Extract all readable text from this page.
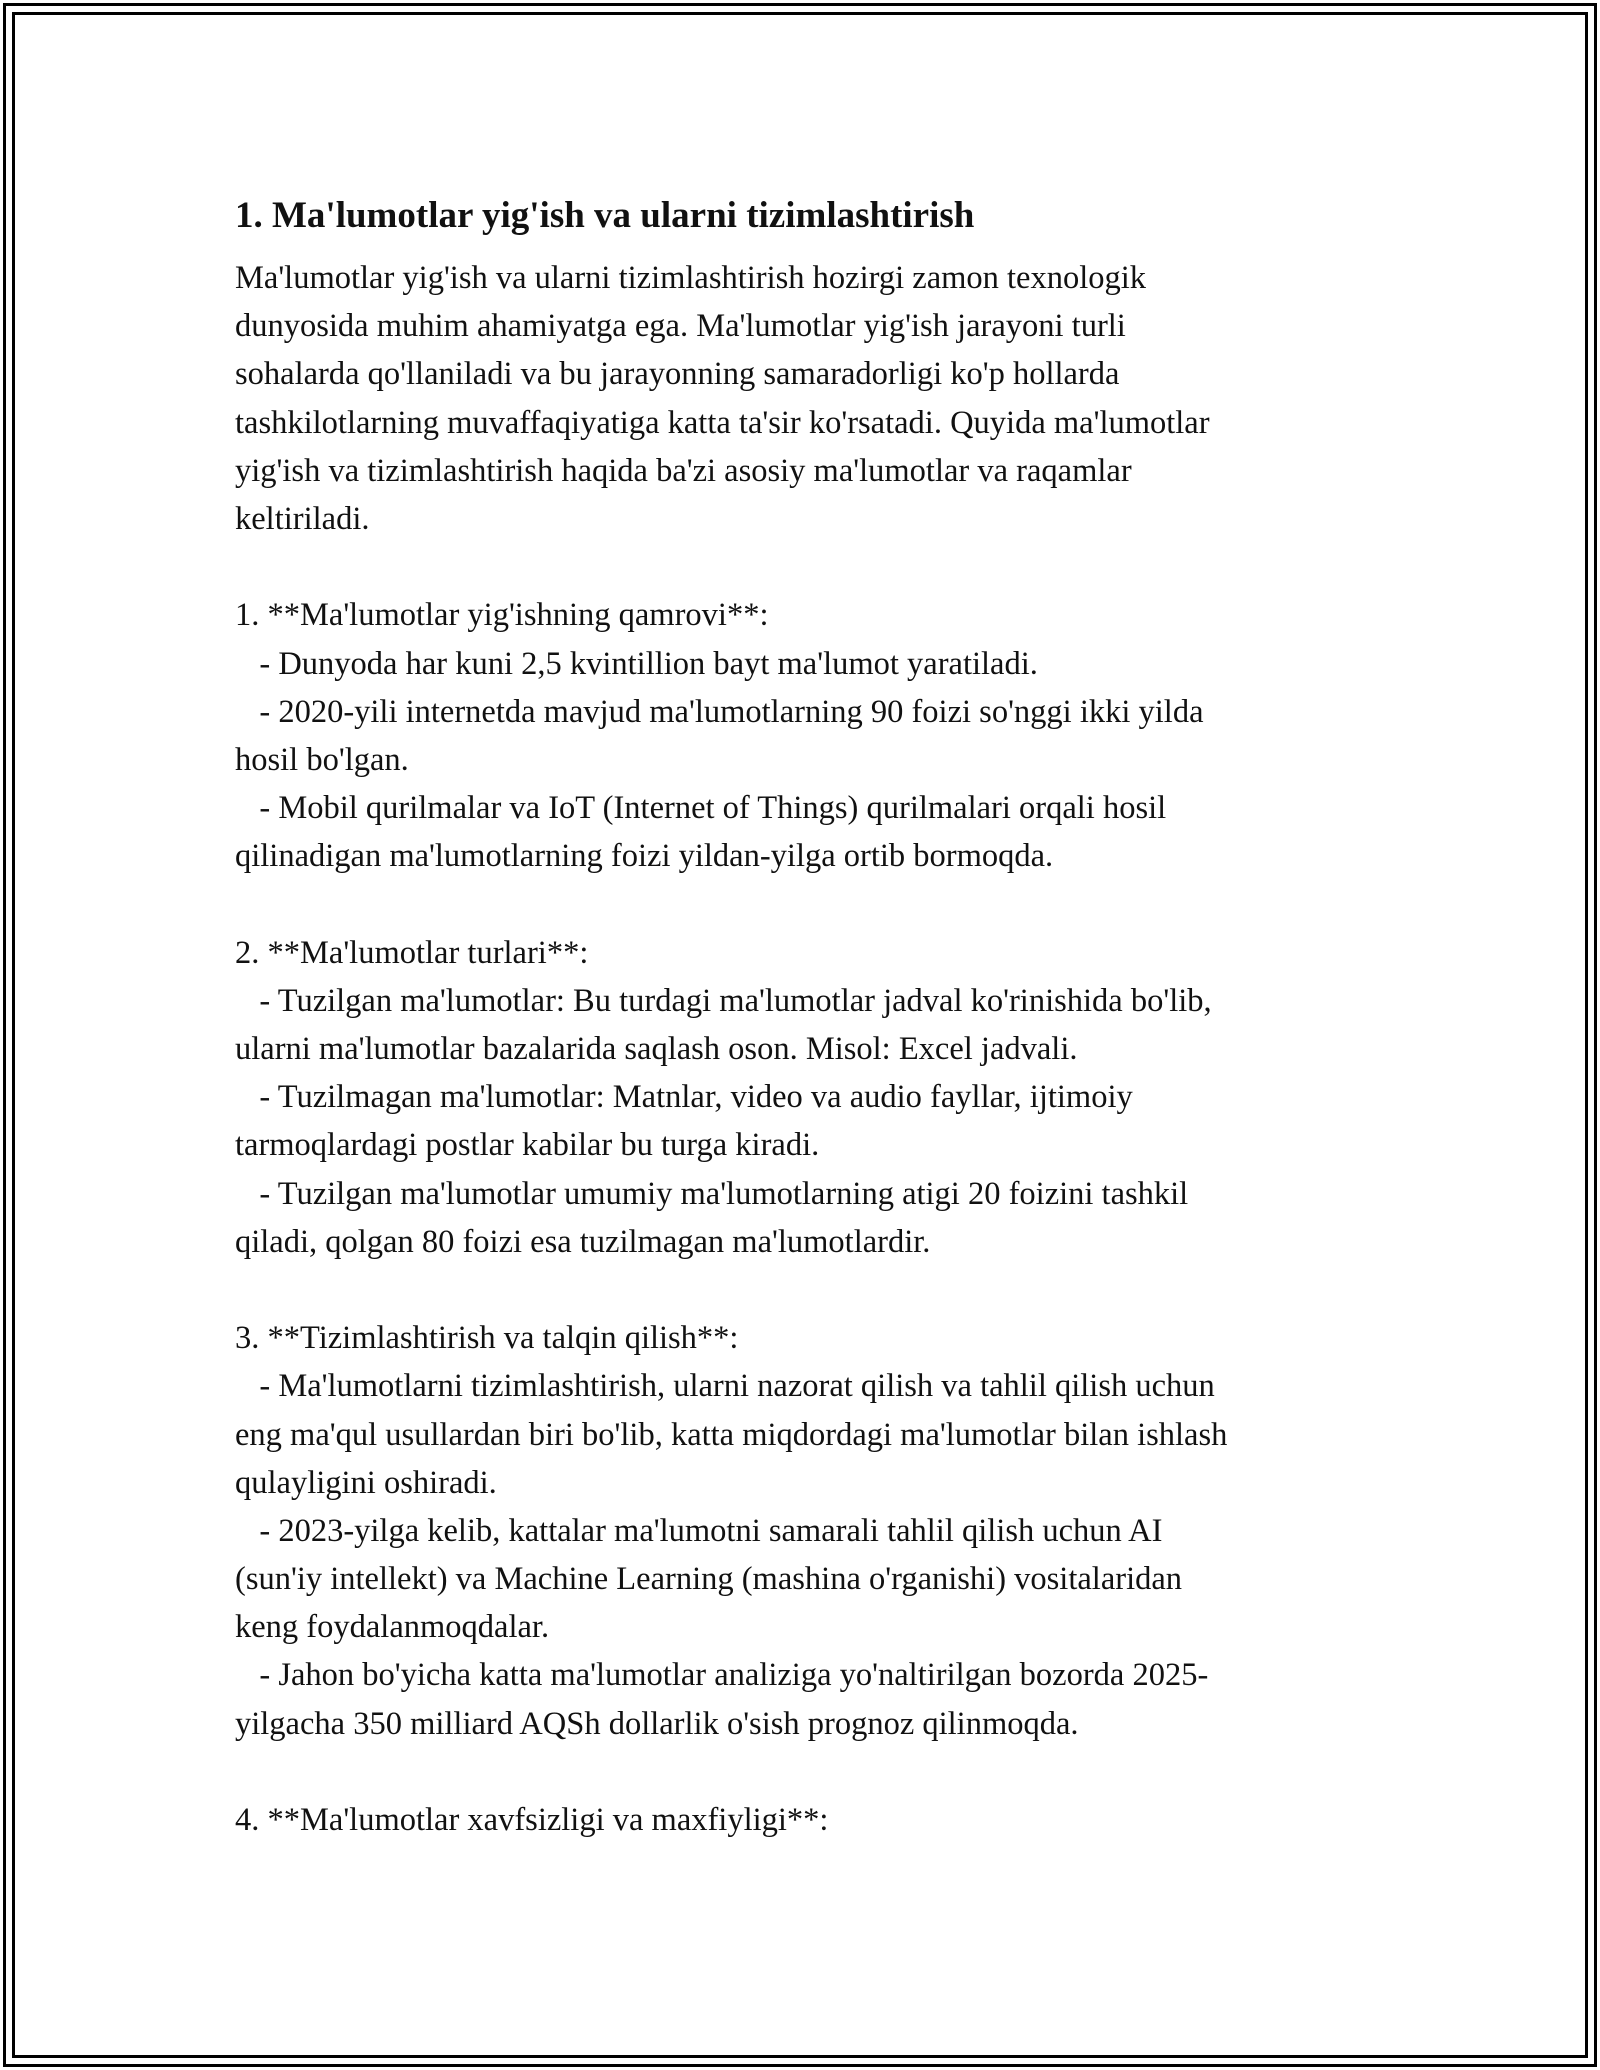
1. Ma'lumotlar yig'ish va ularni tizimlashtirish
Ma'lumotlar yig'ish va ularni tizimlashtirish hozirgi zamon texnologik
dunyosida muhim ahamiyatga ega. Ma'lumotlar yig'ish jarayoni turli
sohalarda qo'llaniladi va bu jarayonning samaradorligi ko'p hollarda
tashkilotlarning muvaffaqiyatiga katta ta'sir ko'rsatadi. Quyida ma'lumotlar
yig'ish va tizimlashtirish haqida ba'zi asosiy ma'lumotlar va raqamlar
keltiriladi.
1. **Ma'lumotlar yig'ishning qamrovi**:
- Dunyoda har kuni 2,5 kvintillion bayt ma'lumot yaratiladi.
- 2020-yili internetda mavjud ma'lumotlarning 90 foizi so'nggi ikki yilda
hosil bo'lgan.
- Mobil qurilmalar va IoT (Internet of Things) qurilmalari orqali hosil
qilinadigan ma'lumotlarning foizi yildan-yilga ortib bormoqda.
2. **Ma'lumotlar turlari**:
- Tuzilgan ma'lumotlar: Bu turdagi ma'lumotlar jadval ko'rinishida bo'lib,
ularni ma'lumotlar bazalarida saqlash oson. Misol: Excel jadvali.
- Tuzilmagan ma'lumotlar: Matnlar, video va audio fayllar, ijtimoiy
tarmoqlardagi postlar kabilar bu turga kiradi.
- Tuzilgan ma'lumotlar umumiy ma'lumotlarning atigi 20 foizini tashkil
qiladi, qolgan 80 foizi esa tuzilmagan ma'lumotlardir.
3. **Tizimlashtirish va talqin qilish**:
- Ma'lumotlarni tizimlashtirish, ularni nazorat qilish va tahlil qilish uchun
eng ma'qul usullardan biri bo'lib, katta miqdordagi ma'lumotlar bilan ishlash
qulayligini oshiradi.
- 2023-yilga kelib, kattalar ma'lumotni samarali tahlil qilish uchun AI
(sun'iy intellekt) va Machine Learning (mashina o'rganishi) vositalaridan
keng foydalanmoqdalar.
- Jahon bo'yicha katta ma'lumotlar analiziga yo'naltirilgan bozorda 2025-
yilgacha 350 milliard AQSh dollarlik o'sish prognoz qilinmoqda.
4. **Ma'lumotlar xavfsizligi va maxfiyligi**:
